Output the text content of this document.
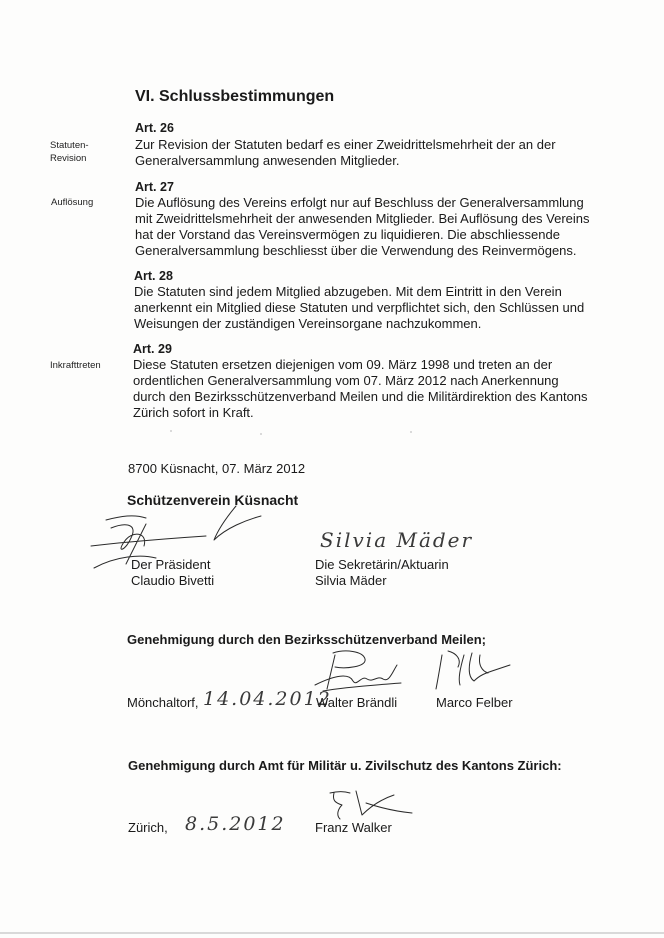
VI. Schlussbestimmungen
Statuten-
Revision
Auflösung
Inkrafttreten
Art. 26
Zur Revision der Statuten bedarf es einer Zweidrittelsmehrheit der an der
Generalversammlung anwesenden Mitglieder.
Art. 27
Die Auflösung des Vereins erfolgt nur auf Beschluss der Generalversammlung
mit Zweidrittelsmehrheit der anwesenden Mitglieder. Bei Auflösung des Vereins
hat der Vorstand das Vereinsvermögen zu liquidieren. Die abschliessende
Generalversammlung beschliesst über die Verwendung des Reinvermögens.
Art. 28
Die Statuten sind jedem Mitglied abzugeben. Mit dem Eintritt in den Verein
anerkennt ein Mitglied diese Statuten und verpflichtet sich, den Schlüssen und
Weisungen der zuständigen Vereinsorgane nachzukommen.
Art. 29
Diese Statuten ersetzen diejenigen vom 09. März 1998 und treten an der
ordentlichen Generalversammlung vom 07. März 2012 nach Anerkennung
durch den Bezirksschützenverband Meilen und die Militärdirektion des Kantons
Zürich sofort in Kraft.
8700 Küsnacht, 07. März 2012
Schützenverein Küsnacht
Silvia Mäder
Der Präsident
Claudio Bivetti
Die Sekretärin/Aktuarin
Silvia Mäder
Genehmigung durch den Bezirksschützenverband Meilen;
Mönchaltorf, 14.04.2012
Walter Brändli	Marco Felber
Genehmigung durch Amt für Militär u. Zivilschutz des Kantons Zürich:
Zürich, 8.5.2012 Franz Walker
